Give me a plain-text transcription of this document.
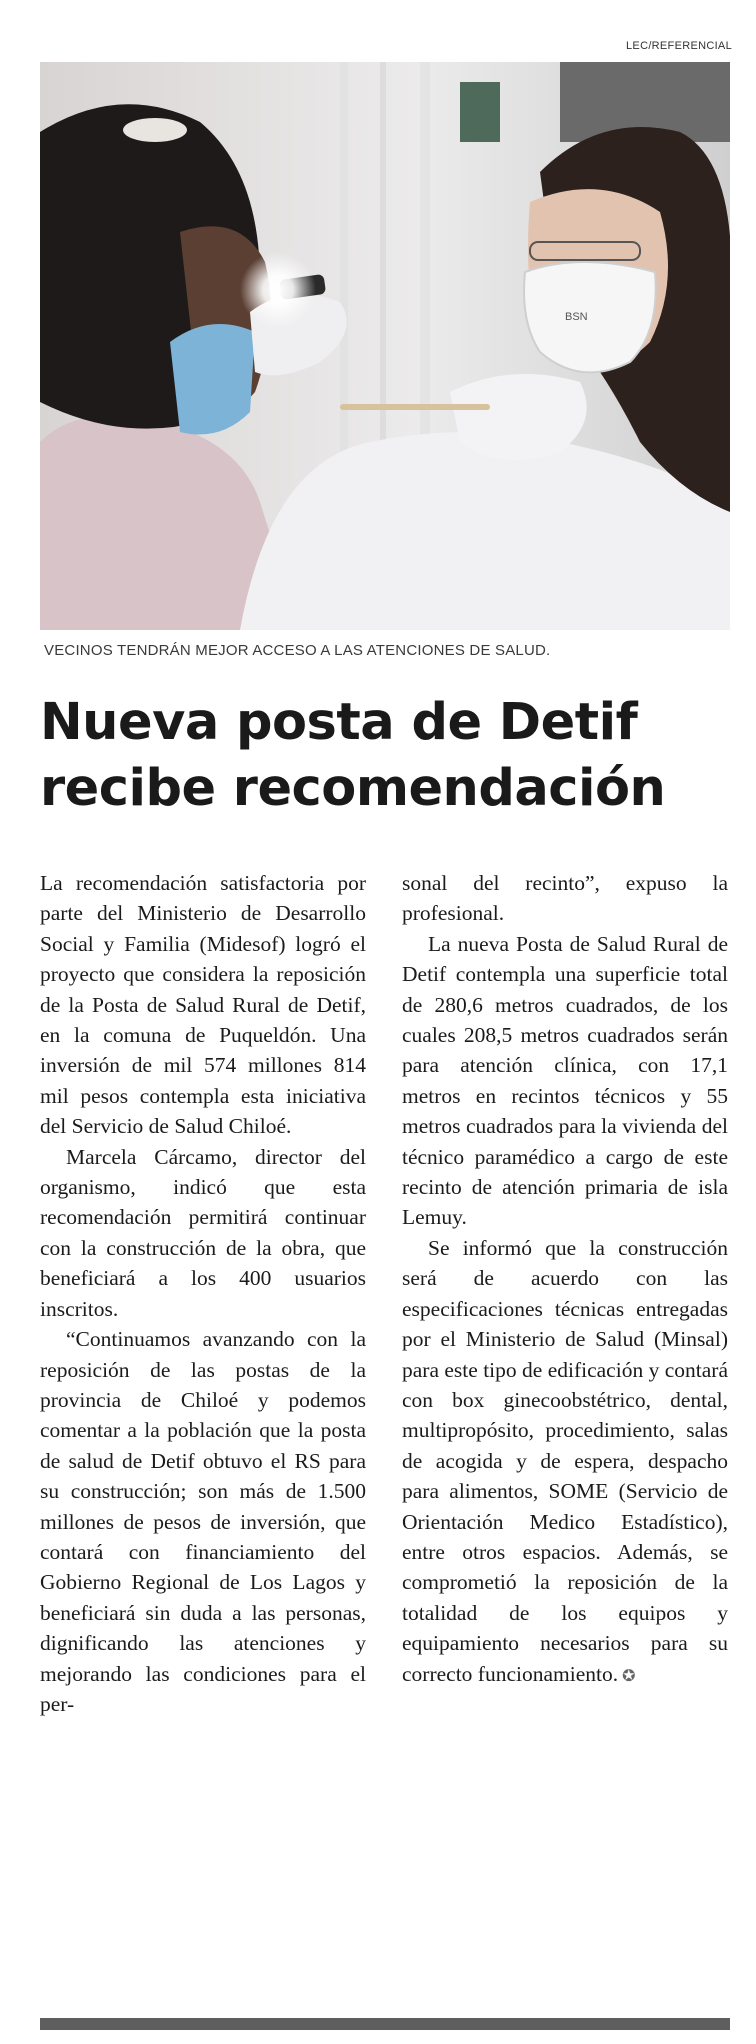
LEC/REFERENCIAL
BSN
VECINOS TENDRÁN MEJOR ACCESO A LAS ATENCIONES DE SALUD.
Nueva posta de Detif recibe recomendación

La recomendación satisfactoria por parte del Ministerio de Desarrollo Social y Familia (Midesof) logró el proyecto que considera la reposición de la Posta de Salud Rural de Detif, en la comuna de Puqueldón. Una inversión de mil 574 millones 814 mil pesos contempla esta iniciativa del Servicio de Salud Chiloé.

Marcela Cárcamo, director del organismo, indicó que esta recomendación permitirá continuar con la construcción de la obra, que beneficiará a los 400 usuarios inscritos.

“Continuamos avanzando con la reposición de las postas de la provincia de Chiloé y podemos comentar a la población que la posta de salud de Detif obtuvo el RS para su construcción; son más de 1.500 millones de pesos de inversión, que contará con financiamiento del Gobierno Regional de Los Lagos y beneficiará sin duda a las personas, dignificando las atenciones y mejorando las condiciones para el per-

sonal del recinto”, expuso la profesional.

La nueva Posta de Salud Rural de Detif contempla una superficie total de 280,6 metros cuadrados, de los cuales 208,5 metros cuadrados serán para atención clínica, con 17,1 metros en recintos técnicos y 55 metros cuadrados para la vivienda del técnico paramédico a cargo de este recinto de atención primaria de isla Lemuy.

Se informó que la construcción será de acuerdo con las especificaciones técnicas entregadas por el Ministerio de Salud (Minsal) para este tipo de edificación y contará con box ginecoobstétrico, dental, multipropósito, procedimiento, salas de acogida y de espera, despacho para alimentos, SOME (Servicio de Orientación Medico Estadístico), entre otros espacios. Además, se comprometió la reposición de la totalidad de los equipos y equipamiento necesarios para su correcto funcionamiento. ✪
